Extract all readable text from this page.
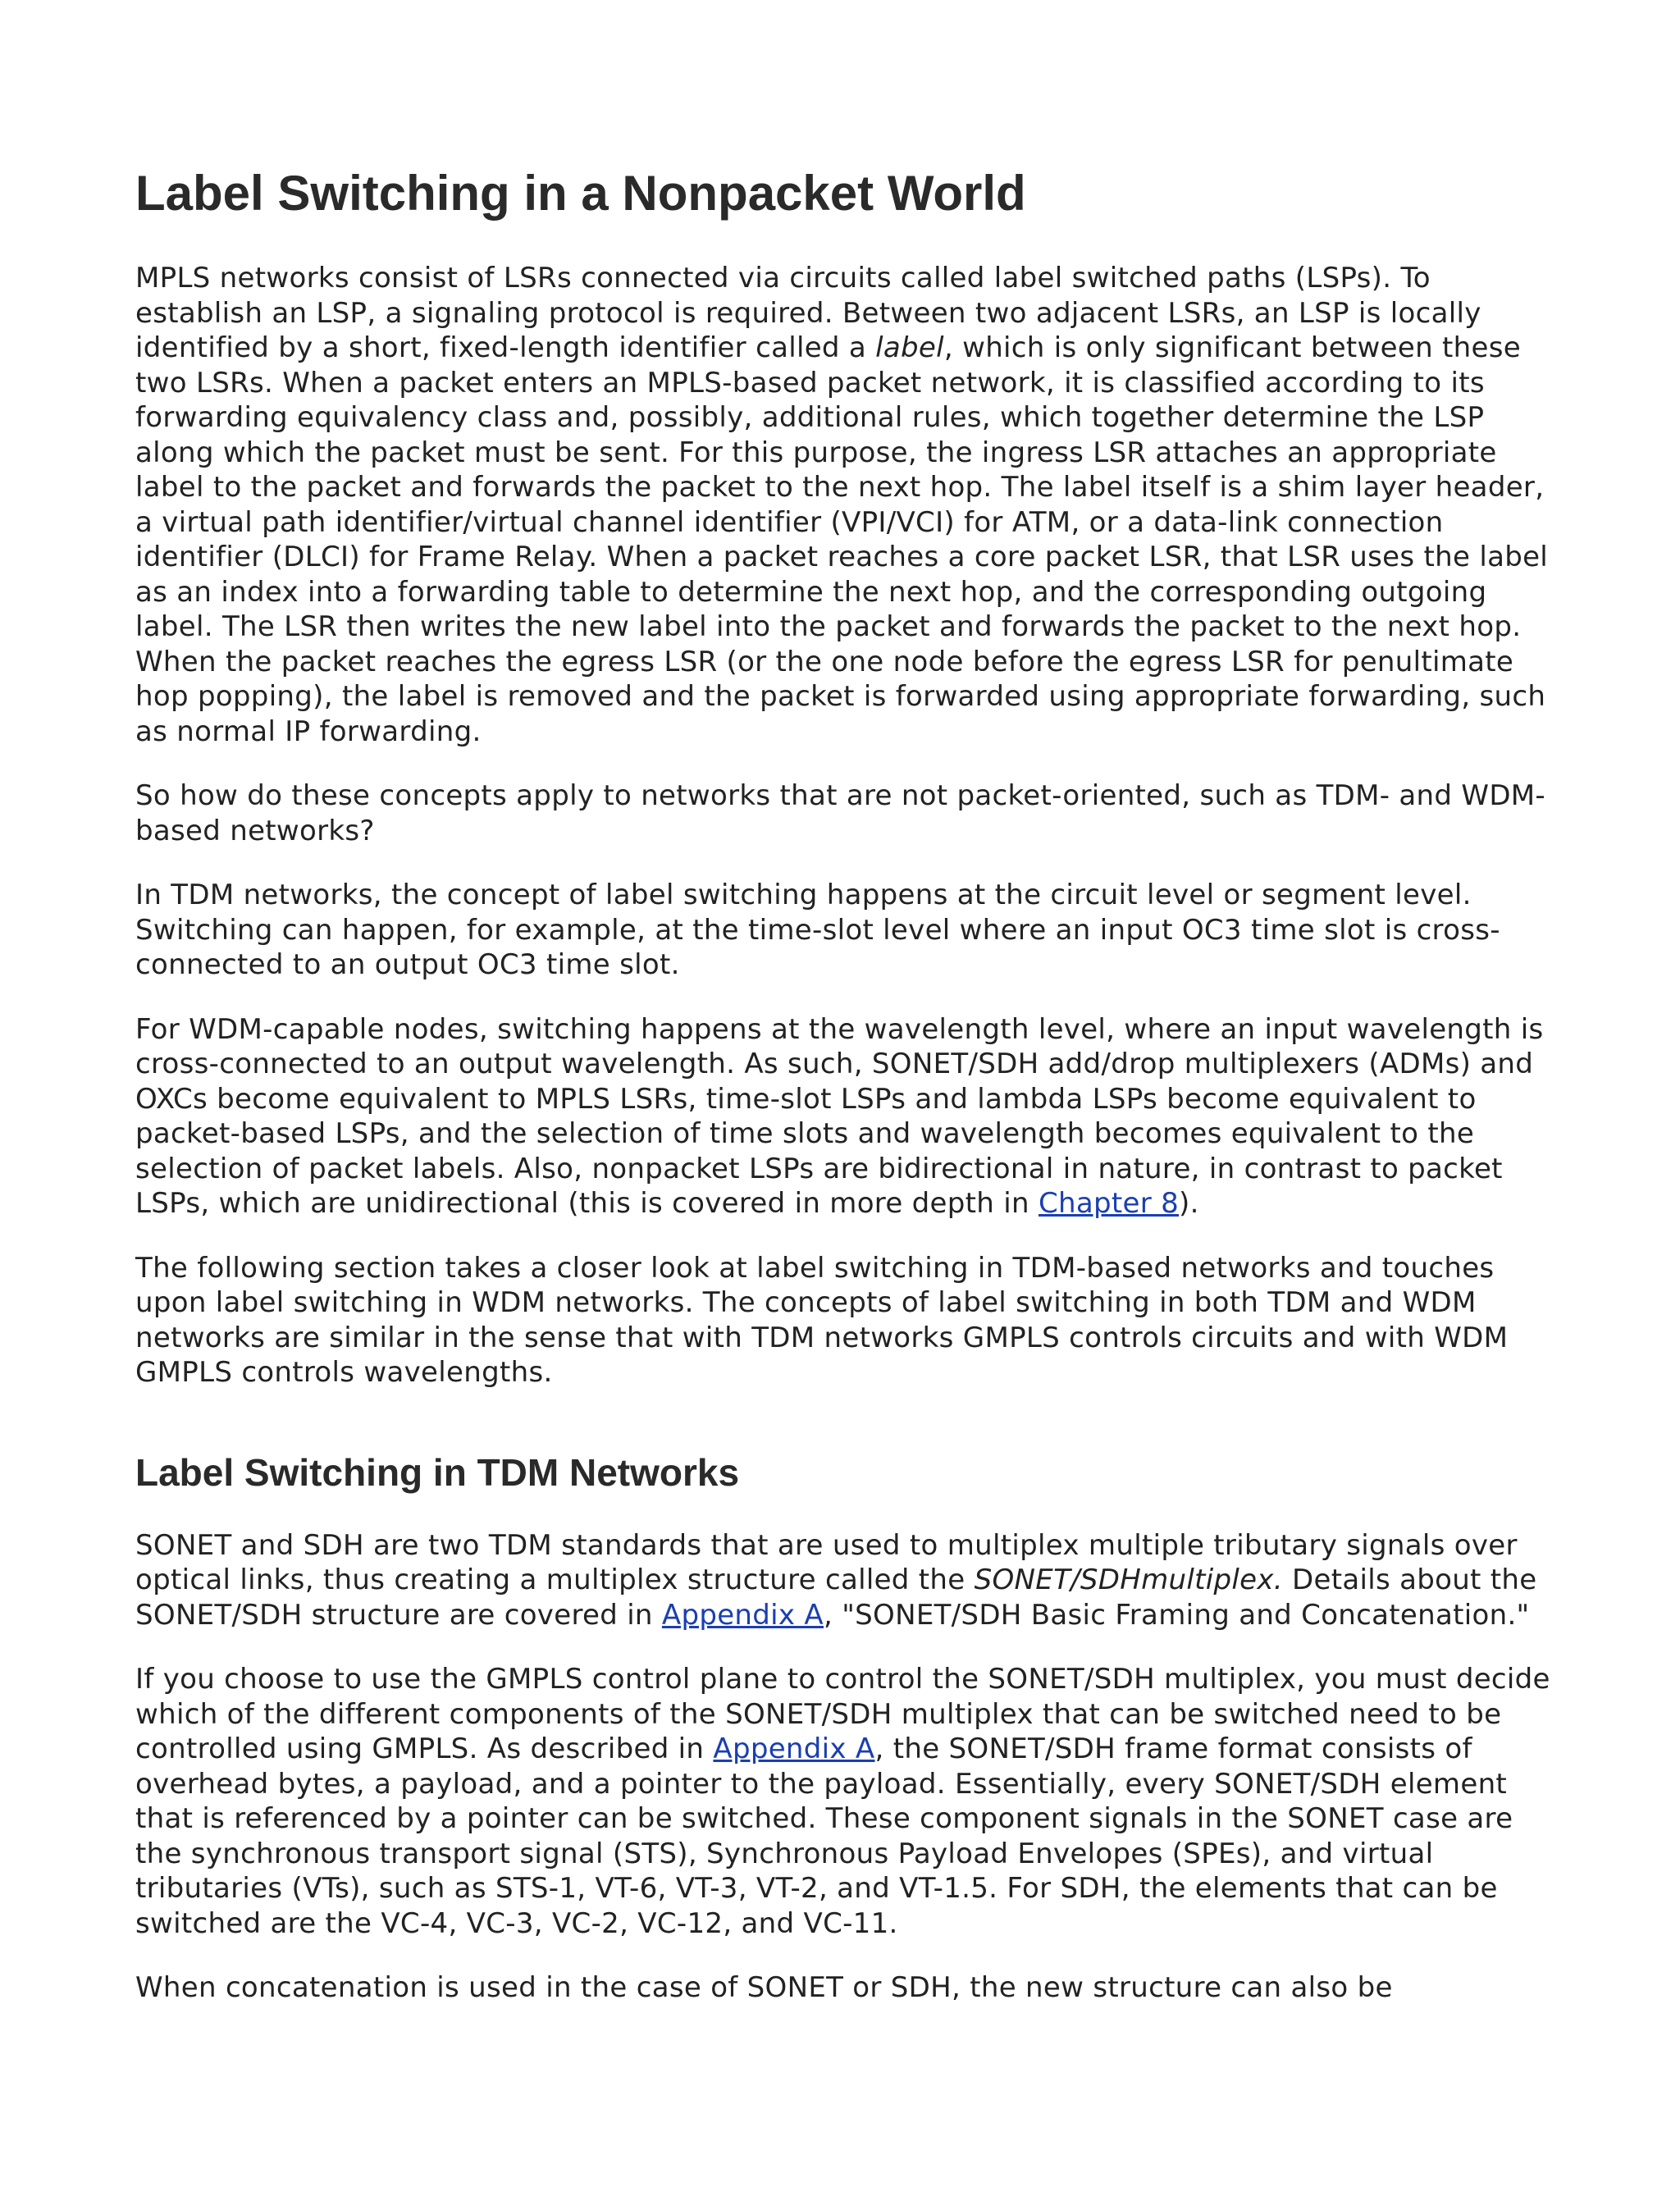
Label Switching in a Nonpacket World

MPLS networks consist of LSRs connected via circuits called label switched paths (LSPs). To establish an LSP, a signaling protocol is required. Between two adjacent LSRs, an LSP is locally identified by a short, fixed-length identifier called a label, which is only significant between these two LSRs. When a packet enters an MPLS-based packet network, it is classified according to its forwarding equivalency class and, possibly, additional rules, which together determine the LSP along which the packet must be sent. For this purpose, the ingress LSR attaches an appropriate label to the packet and forwards the packet to the next hop. The label itself is a shim layer header, a virtual path identifier/virtual channel identifier (VPI/VCI) for ATM, or a data-link connection identifier (DLCI) for Frame Relay. When a packet reaches a core packet LSR, that LSR uses the label as an index into a forwarding table to determine the next hop, and the corresponding outgoing label. The LSR then writes the new label into the packet and forwards the packet to the next hop. When the packet reaches the egress LSR (or the one node before the egress LSR for penultimate hop popping), the label is removed and the packet is forwarded using appropriate forwarding, such as normal IP forwarding.

So how do these concepts apply to networks that are not packet-oriented, such as TDM- and WDM-based networks?

In TDM networks, the concept of label switching happens at the circuit level or segment level. Switching can happen, for example, at the time-slot level where an input OC3 time slot is cross-connected to an output OC3 time slot.

For WDM-capable nodes, switching happens at the wavelength level, where an input wavelength is cross-connected to an output wavelength. As such, SONET/SDH add/drop multiplexers (ADMs) and OXCs become equivalent to MPLS LSRs, time-slot LSPs and lambda LSPs become equivalent to packet-based LSPs, and the selection of time slots and wavelength becomes equivalent to the selection of packet labels. Also, nonpacket LSPs are bidirectional in nature, in contrast to packet LSPs, which are unidirectional (this is covered in more depth in Chapter 8).

The following section takes a closer look at label switching in TDM-based networks and touches upon label switching in WDM networks. The concepts of label switching in both TDM and WDM networks are similar in the sense that with TDM networks GMPLS controls circuits and with WDM GMPLS controls wavelengths.

Label Switching in TDM Networks

SONET and SDH are two TDM standards that are used to multiplex multiple tributary signals over optical links, thus creating a multiplex structure called the SONET/SDHmultiplex. Details about the SONET/SDH structure are covered in Appendix A, "SONET/SDH Basic Framing and Concatenation."

If you choose to use the GMPLS control plane to control the SONET/SDH multiplex, you must decide which of the different components of the SONET/SDH multiplex that can be switched need to be controlled using GMPLS. As described in Appendix A, the SONET/SDH frame format consists of overhead bytes, a payload, and a pointer to the payload. Essentially, every SONET/SDH element that is referenced by a pointer can be switched. These component signals in the SONET case are the synchronous transport signal (STS), Synchronous Payload Envelopes (SPEs), and virtual tributaries (VTs), such as STS-1, VT-6, VT-3, VT-2, and VT-1.5. For SDH, the elements that can be switched are the VC-4, VC-3, VC-2, VC-12, and VC-11.

When concatenation is used in the case of SONET or SDH, the new structure can also be
